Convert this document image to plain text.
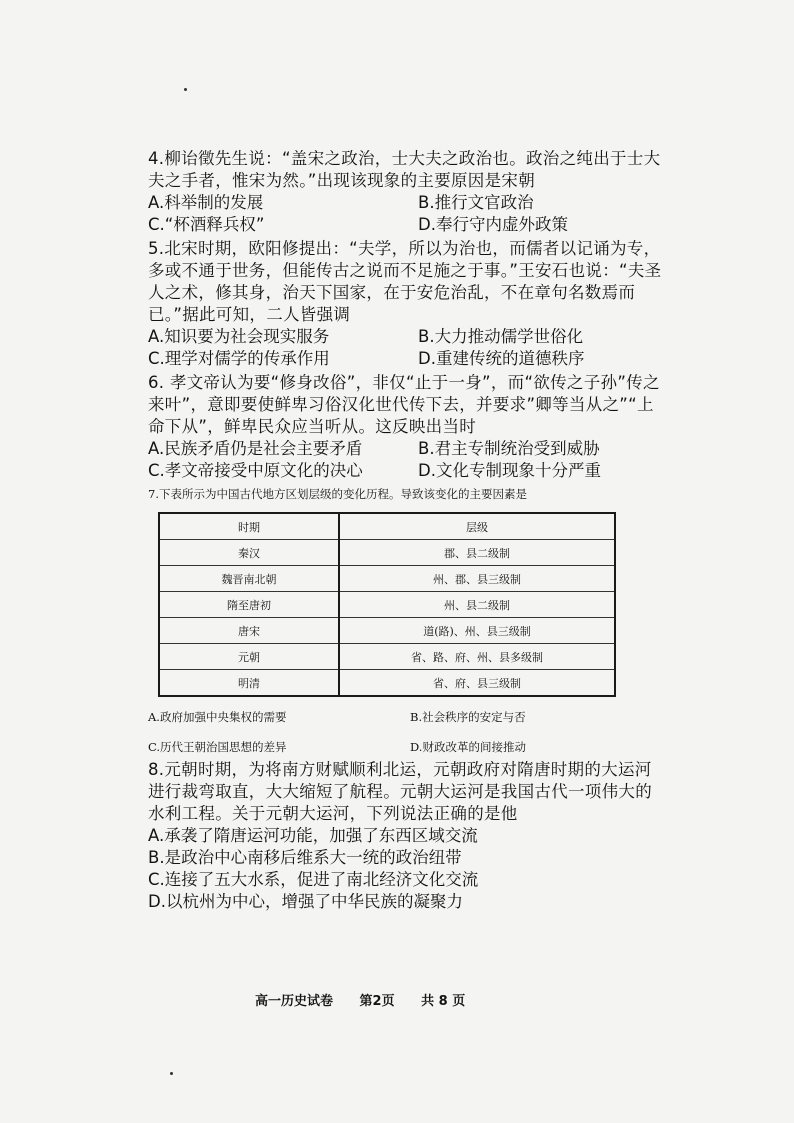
4.柳诒徵先生说：“盖宋之政治，士大夫之政治也。政治之纯出于士大夫之手者，惟宋为然。”出现该现象的主要原因是宋朝

A.科举制的发展	B.推行文官政治
C.“杯酒释兵权”	D.奉行守内虚外政策

5.北宋时期，欧阳修提出：“夫学，所以为治也，而儒者以记诵为专，多或不通于世务，但能传古之说而不足施之于事。”王安石也说：“夫圣人之术，修其身，治天下国家，在于安危治乱，不在章句名数焉而已。”据此可知，二人皆强调

A.知识要为社会现实服务	B.大力推动儒学世俗化
C.理学对儒学的传承作用	D.重建传统的道德秩序

6. 孝文帝认为要“修身改俗”，非仅“止于一身”，而“欲传之子孙”传之来叶”，意即要使鲜卑习俗汉化世代传下去，并要求”卿等当从之”“上命下从”，鲜卑民众应当听从。这反映出当时

A.民族矛盾仍是社会主要矛盾	B.君主专制统治受到威胁
C.孝文帝接受中原文化的决心	D.文化专制现象十分严重

7.下表所示为中国古代地方区划层级的变化历程。导致该变化的主要因素是

时期	层级
秦汉	郡、县二级制
魏晋南北朝	州、郡、县三级制
隋至唐初	州、县二级制
唐宋	道(路)、州、县三级制
元朝	省、路、府、州、县多级制
明清	省、府、县三级制
A.政府加强中央集权的需要	B.社会秩序的安定与否
C.历代王朝治国思想的差异	D.财政改革的间接推动

8.元朝时期，为将南方财赋顺利北运，元朝政府对隋唐时期的大运河进行裁弯取直，大大缩短了航程。元朝大运河是我国古代一项伟大的水利工程。关于元朝大运河，下列说法正确的是他

A.承袭了隋唐运河功能，加强了东西区域交流
B.是政治中心南移后维系大一统的政治纽带
C.连接了五大水系，促进了南北经济文化交流
D.以杭州为中心，增强了中华民族的凝聚力
高一历史试卷 第2页 共 8 页
